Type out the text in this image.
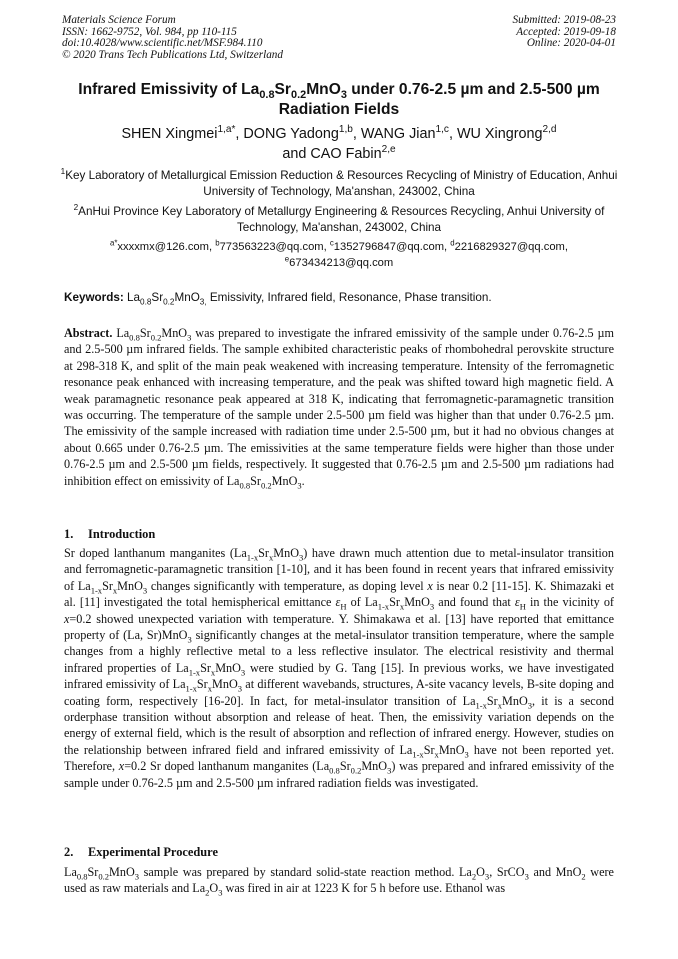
Materials Science Forum
ISSN: 1662-9752, Vol. 984, pp 110-115
doi:10.4028/www.scientific.net/MSF.984.110
© 2020 Trans Tech Publications Ltd, Switzerland
Submitted: 2019-08-23
Accepted: 2019-09-18
Online: 2020-04-01
Infrared Emissivity of $La_{0.8}Sr_{0.2}MnO_3$ under 0.76-2.5 µm and 2.5-500 µm Radiation Fields
SHEN Xingmei$^{1,a*}$, DONG Yadong$^{1,b}$, WANG Jian$^{1,c}$, WU Xingrong$^{2,d}$
and CAO Fabin$^{2,e}$
$^1$Key Laboratory of Metallurgical Emission Reduction & Resources Recycling of Ministry of Education, Anhui University of Technology, Ma'anshan, 243002, China
$^2$AnHui Province Key Laboratory of Metallurgy Engineering & Resources Recycling, Anhui University of Technology, Ma'anshan, 243002, China
$^{a*}$xxxxmx@126.com, $^b$773563223@qq.com, $^c$1352796847@qq.com, $^d$2216829327@qq.com,
$^e$673434213@qq.com
Keywords: $La_{0.8}Sr_{0.2}MnO_{3,}$ Emissivity, Infrared field, Resonance, Phase transition.
Abstract. $La_{0.8}Sr_{0.2}MnO_3$ was prepared to investigate the infrared emissivity of the sample under 0.76-2.5 µm and 2.5-500 µm infrared fields. The sample exhibited characteristic peaks of rhombohedral perovskite structure at 298-318 K, and split of the main peak weakened with increasing temperature. Intensity of the ferromagnetic resonance peak enhanced with increasing temperature, and the peak was shifted toward high magnetic field. A weak paramagnetic resonance peak appeared at 318 K, indicating that ferromagnetic-paramagnetic transition was occurring. The temperature of the sample under 2.5-500 µm field was higher than that under 0.76-2.5 µm. The emissivity of the sample increased with radiation time under 2.5-500 µm, but it had no obvious changes at about 0.665 under 0.76-2.5 µm. The emissivities at the same temperature fields were higher than those under 0.76-2.5 µm and 2.5-500 µm fields, respectively. It suggested that 0.76-2.5 µm and 2.5-500 µm radiations had inhibition effect on emissivity of $La_{0.8}Sr_{0.2}MnO_3$.
1. Introduction
Sr doped lanthanum manganites $(La_{1-x}Sr_xMnO_3)$ have drawn much attention due to metal-insulator transition and ferromagnetic-paramagnetic transition [1-10], and it has been found in recent years that infrared emissivity of $La_{1-x}Sr_xMnO_3$ changes significantly with temperature, as doping level x is near 0.2 [11-15]. K. Shimazaki et al. [11] investigated the total hemispherical emittance $\varepsilon_H$ of $La_{1-x}Sr_xMnO_3$ and found that $\varepsilon_H$ in the vicinity of x=0.2 showed unexpected variation with temperature. Y. Shimakawa et al. [13] have reported that emittance property of (La, Sr)MnO$_3$ significantly changes at the metal-insulator transition temperature, where the sample changes from a highly reflective metal to a less reflective insulator. The electrical resistivity and thermal infrared properties of $La_{1-x}Sr_xMnO_3$ were studied by G. Tang [15]. In previous works, we have investigated infrared emissivity of $La_{1-x}Sr_xMnO_3$ at different wavebands, structures, A-site vacancy levels, B-site doping and coating form, respectively [16-20]. In fact, for metal-insulator transition of $La_{1-x}Sr_xMnO_3$, it is a second orderphase transition without absorption and release of heat. Then, the emissivity variation depends on the energy of external field, which is the result of absorption and reflection of infrared energy. However, studies on the relationship between infrared field and infrared emissivity of $La_{1-x}Sr_xMnO_3$ have not been reported yet. Therefore, x=0.2 Sr doped lanthanum manganites $(La_{0.8}Sr_{0.2}MnO_3)$ was prepared and infrared emissivity of the sample under 0.76-2.5 µm and 2.5-500 µm infrared radiation fields was investigated.
2. Experimental Procedure
$La_{0.8}Sr_{0.2}MnO_3$ sample was prepared by standard solid-state reaction method. $La_2O_3$, SrCO$_3$ and MnO$_2$ were used as raw materials and $La_2O_3$ was fired in air at 1223 K for 5 h before use. Ethanol was
